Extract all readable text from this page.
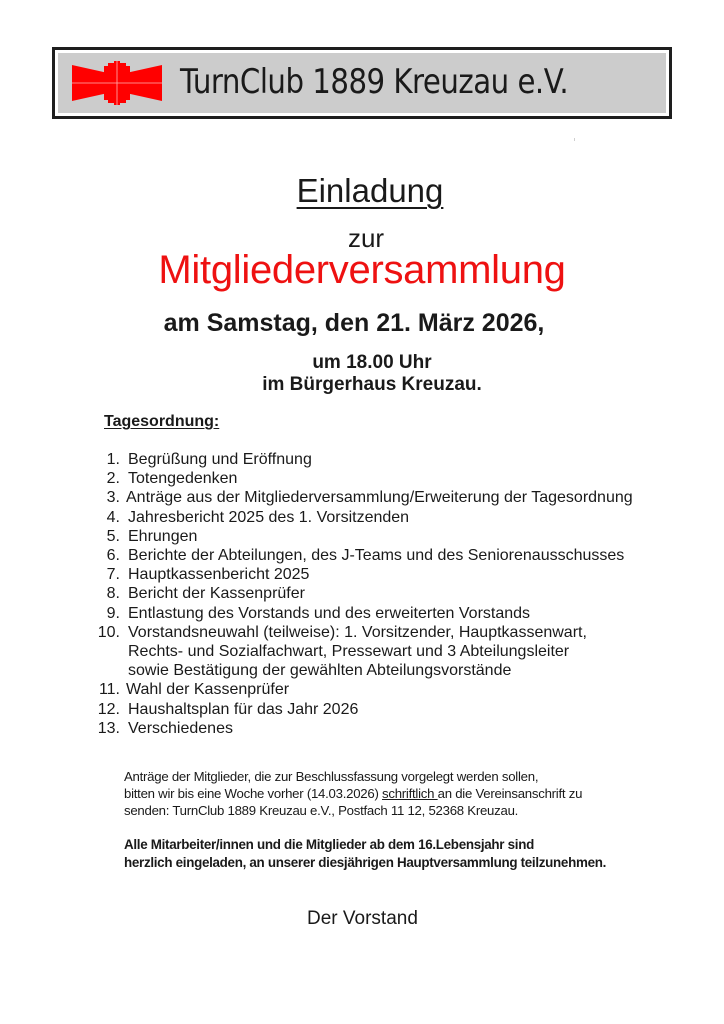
TurnClub 1889 Kreuzau e.V.
Einladung
zur
Mitgliederversammlung
am Samstag, den 21. März 2026,
um 18.00 Uhr
im Bürgerhaus Kreuzau.
Tagesordnung:
1. Begrüßung und Eröffnung
2. Totengedenken
3. Anträge aus der Mitgliederversammlung/Erweiterung der Tagesordnung
4. Jahresbericht 2025 des 1. Vorsitzenden
5. Ehrungen
6. Berichte der Abteilungen, des J-Teams und des Seniorenausschusses
7. Hauptkassenbericht 2025
8. Bericht der Kassenprüfer
9. Entlastung des Vorstands und des erweiterten Vorstands
10. Vorstandsneuwahl (teilweise): 1. Vorsitzender, Hauptkassenwart,
Rechts- und Sozialfachwart, Pressewart und 3 Abteilungsleiter
sowie Bestätigung der gewählten Abteilungsvorstände
11. Wahl der Kassenprüfer
12. Haushaltsplan für das Jahr 2026
13. Verschiedenes

Anträge der Mitglieder, die zur Beschlussfassung vorgelegt werden sollen,

bitten wir bis eine Woche vorher (14.03.2026) schriftlich an die Vereinsanschrift zu

senden: TurnClub 1889 Kreuzau e.V., Postfach 11 12, 52368 Kreuzau.

Alle Mitarbeiter/innen und die Mitglieder ab dem 16.Lebensjahr sind

herzlich eingeladen, an unserer diesjährigen Hauptversammlung teilzunehmen.

Der Vorstand
